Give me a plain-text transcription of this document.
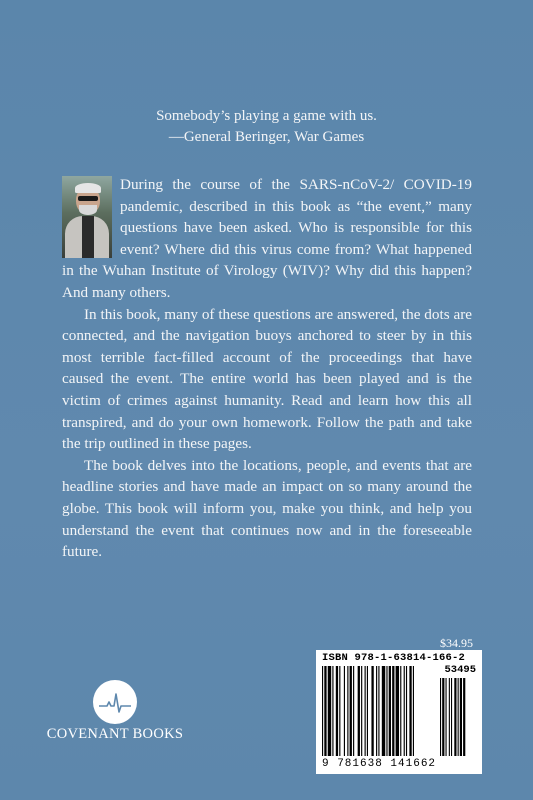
Somebody’s playing a game with us.
—General Beringer, War Games

During the course of the SARS-nCoV-2/ COVID-19 pandemic, described in this book as “the event,” many questions have been asked. Who is responsible for this event? Where did this virus come from? What happened in the Wuhan Institute of Virology (WIV)? Why did this happen? And many others.

In this book, many of these questions are answered, the dots are connected, and the navigation buoys anchored to steer by in this most terrible fact-filled account of the proceedings that have caused the event. The entire world has been played and is the victim of crimes against humanity. Read and learn how this all transpired, and do your own homework. Follow the path and take the trip outlined in these pages.

The book delves into the locations, people, and events that are headline stories and have made an impact on so many around the globe. This book will inform you, make you think, and help you understand the event that continues now and in the foreseeable future.

COVENANT BOOKS
$34.95
ISBN 978-1-63814-166-2
53495
9 781638 141662
